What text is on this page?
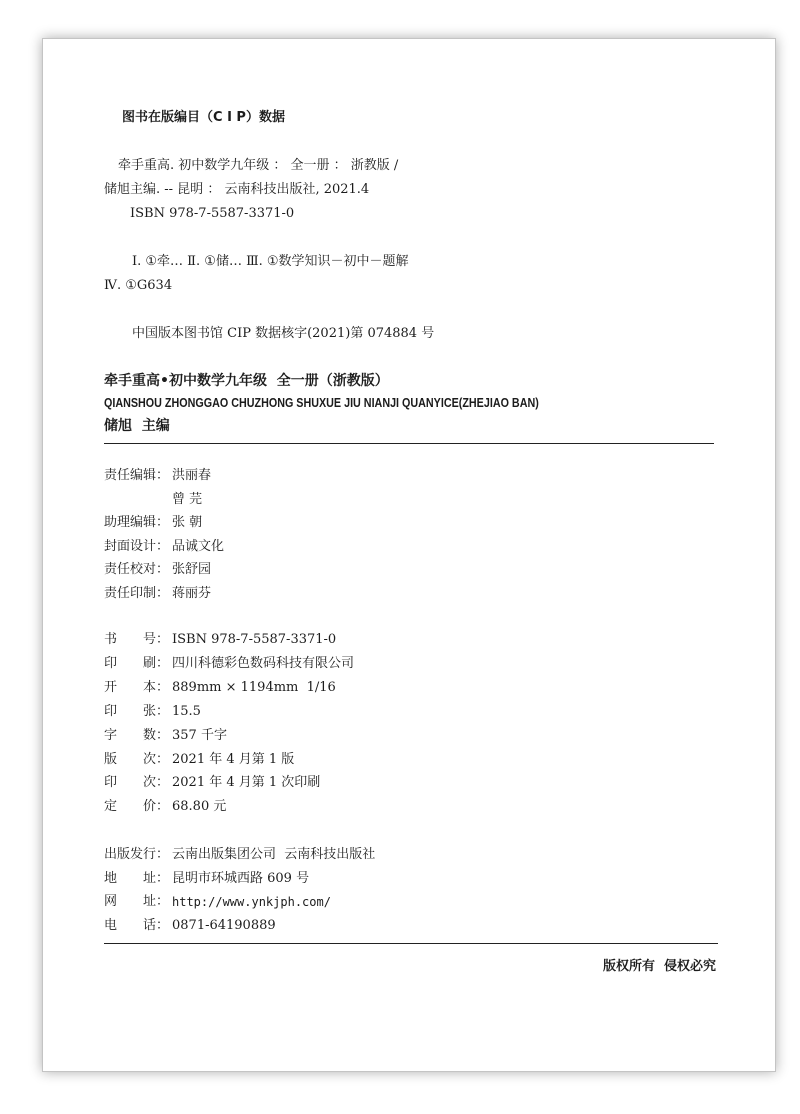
图书在版编目（C I P）数据
牵手重高. 初中数学九年级 ： 全一册 ： 浙教版 /
储旭主编. -- 昆明 ： 云南科技出版社, 2021.4
ISBN 978-7-5587-3371-0
Ⅰ. ①牵… Ⅱ. ①储… Ⅲ. ①数学知识－初中－题解
Ⅳ. ①G634
中国版本图书馆 CIP 数据核字(2021)第 074884 号
牵手重高•初中数学九年级  全一册（浙教版）
QIANSHOU ZHONGGAO CHUZHONG SHUXUE JIU NIANJI QUANYICE(ZHEJIAO BAN)
储旭  主编
责任编辑 ： 洪丽春
曾 芫
助理编辑 ： 张 朝
封面设计 ： 品诚文化
责任校对 ： 张舒园
责任印制 ： 蒋丽芬
书号 ： ISBN 978-7-5587-3371-0
印刷 ： 四川科德彩色数码科技有限公司
开本 ： 889mm × 1194mm  1/16
印张 ： 15.5
字数 ： 357 千字
版次 ： 2021 年 4 月第 1 版
印次 ： 2021 年 4 月第 1 次印刷
定价 ： 68.80 元
出版发行 ： 云南出版集团公司  云南科技出版社
地址 ： 昆明市环城西路 609 号
网址 ： http://www.ynkjph.com/
电话 ： 0871-64190889
版权所有  侵权必究
